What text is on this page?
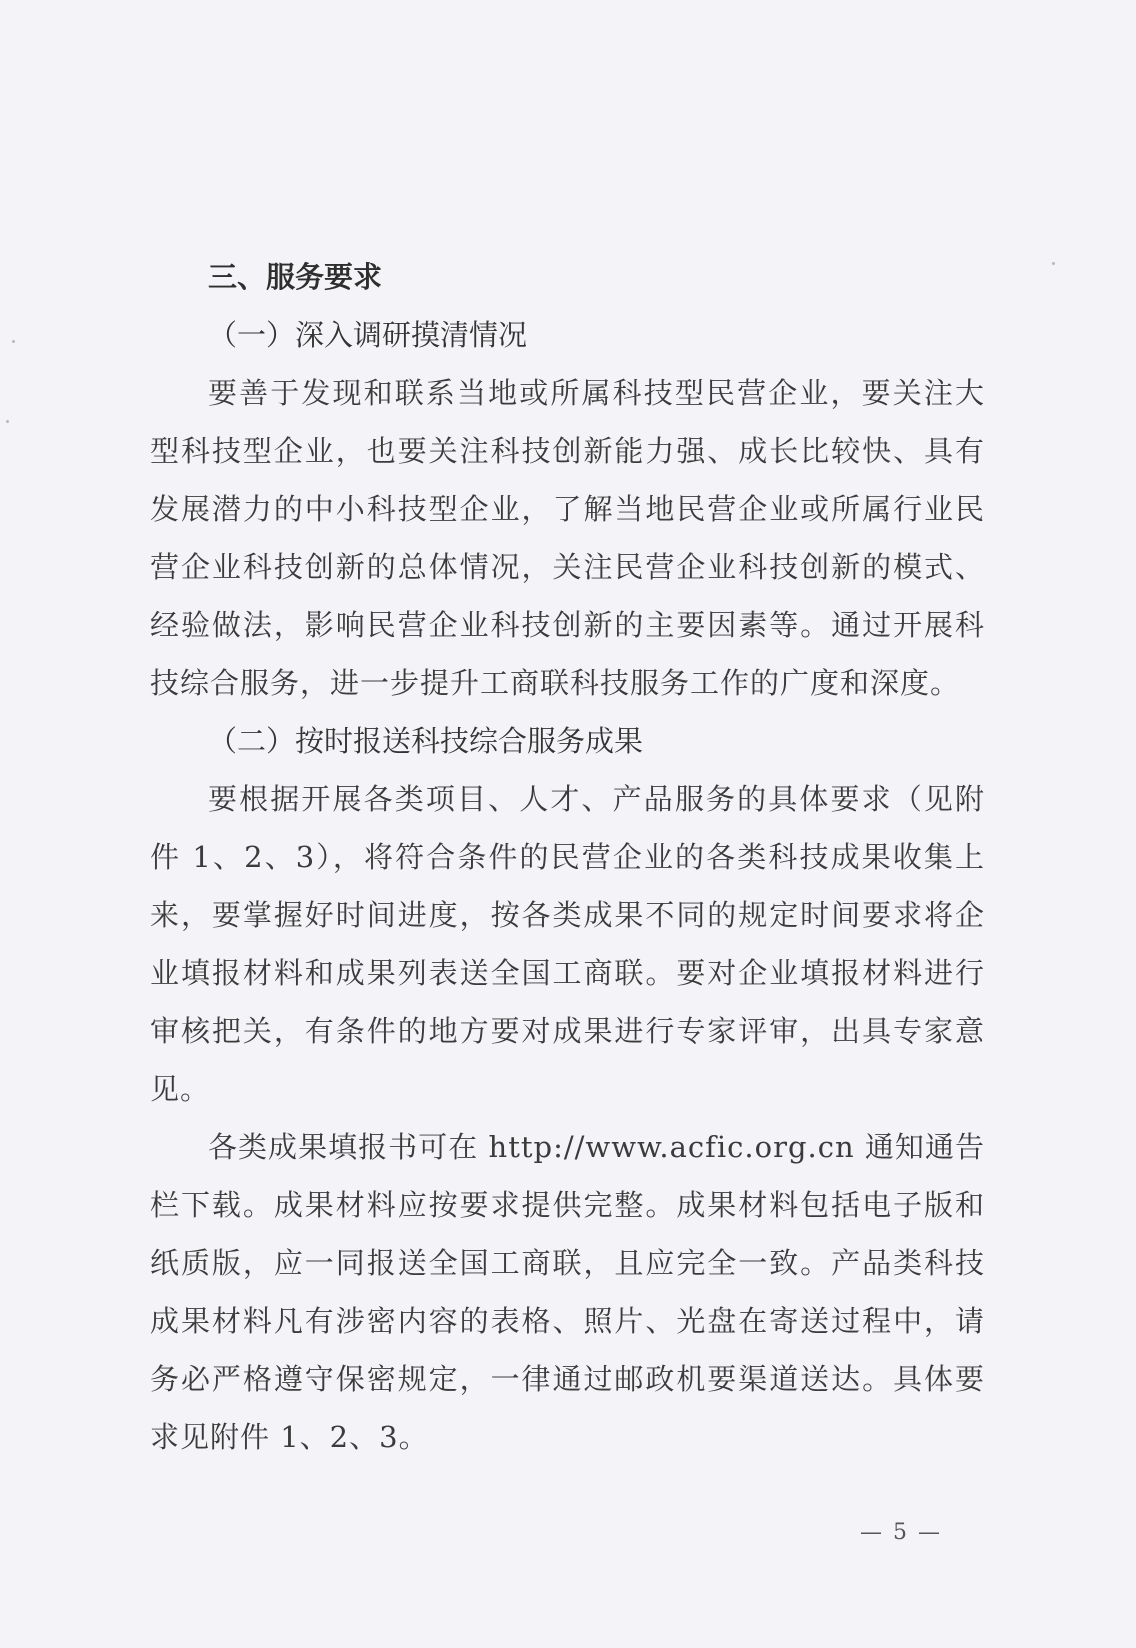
三、服务要求

（一）深入调研摸清情况

要善于发现和联系当地或所属科技型民营企业，要关注大型科技型企业，也要关注科技创新能力强、成长比较快、具有发展潜力的中小科技型企业，了解当地民营企业或所属行业民营企业科技创新的总体情况，关注民营企业科技创新的模式、经验做法，影响民营企业科技创新的主要因素等。通过开展科技综合服务，进一步提升工商联科技服务工作的广度和深度。

（二）按时报送科技综合服务成果

要根据开展各类项目、人才、产品服务的具体要求（见附件 1、2、3），将符合条件的民营企业的各类科技成果收集上来，要掌握好时间进度，按各类成果不同的规定时间要求将企业填报材料和成果列表送全国工商联。要对企业填报材料进行审核把关，有条件的地方要对成果进行专家评审，出具专家意见。

各类成果填报书可在 http://www.acfic.org.cn 通知通告栏下载。成果材料应按要求提供完整。成果材料包括电子版和纸质版，应一同报送全国工商联，且应完全一致。产品类科技成果材料凡有涉密内容的表格、照片、光盘在寄送过程中，请务必严格遵守保密规定，一律通过邮政机要渠道送达。具体要求见附件 1、2、3。

— 5 —
